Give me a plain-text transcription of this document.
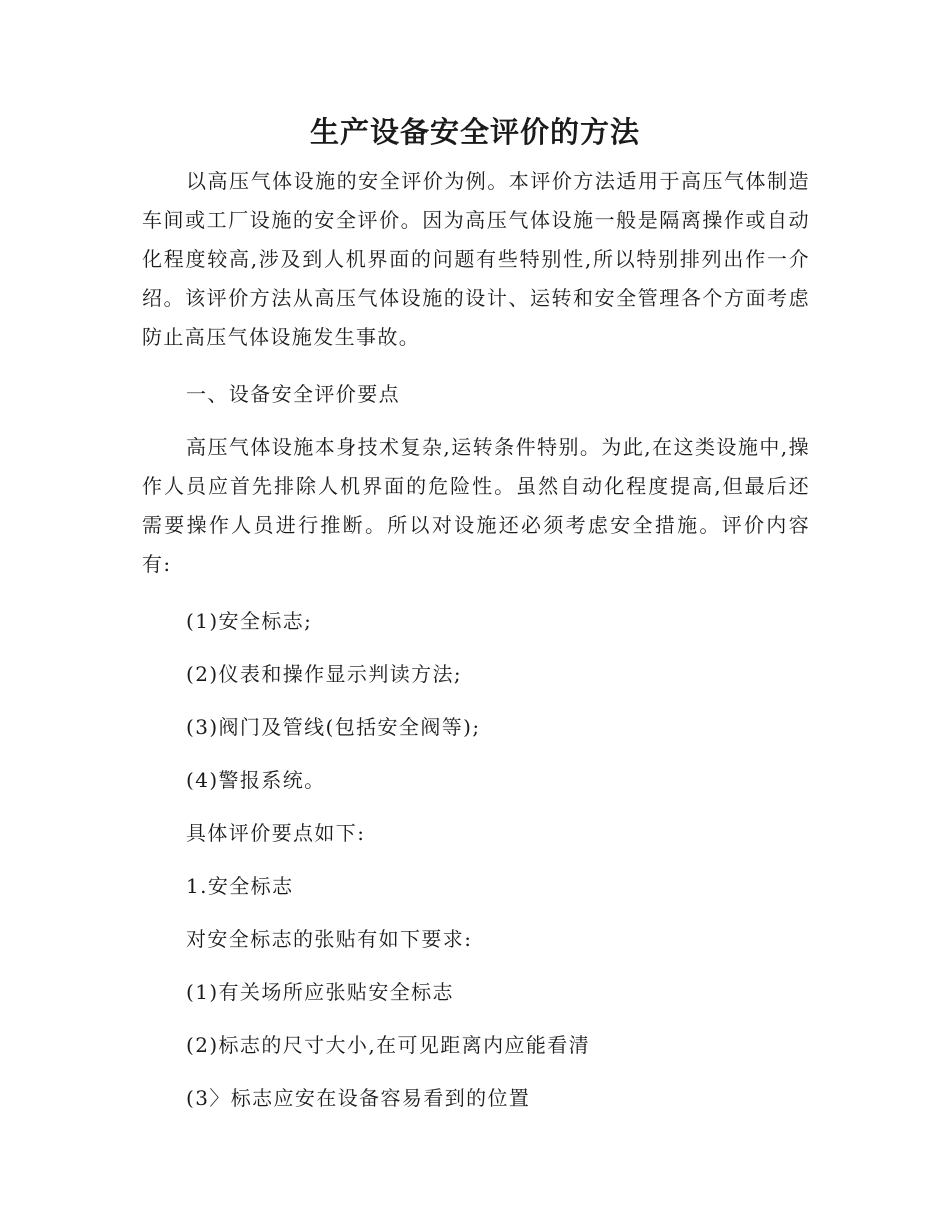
生产设备安全评价的方法

以高压气体设施的安全评价为例。本评价方法适用于高压气体制造车间或工厂设施的安全评价。因为高压气体设施一般是隔离操作或自动化程度较高,涉及到人机界面的问题有些特别性,所以特别排列出作一介绍。该评价方法从高压气体设施的设计、运转和安全管理各个方面考虑防止高压气体设施发生事故。

一、设备安全评价要点

高压气体设施本身技术复杂,运转条件特别。为此,在这类设施中,操作人员应首先排除人机界面的危险性。虽然自动化程度提高,但最后还需要操作人员进行推断。所以对设施还必须考虑安全措施。评价内容有:

(1)安全标志;

(2)仪表和操作显示判读方法;

(3)阀门及管线(包括安全阀等);

(4)警报系统。

具体评价要点如下:

1.安全标志

对安全标志的张贴有如下要求:

(1)有关场所应张贴安全标志

(2)标志的尺寸大小,在可见距离内应能看清

(3〉标志应安在设备容易看到的位置
